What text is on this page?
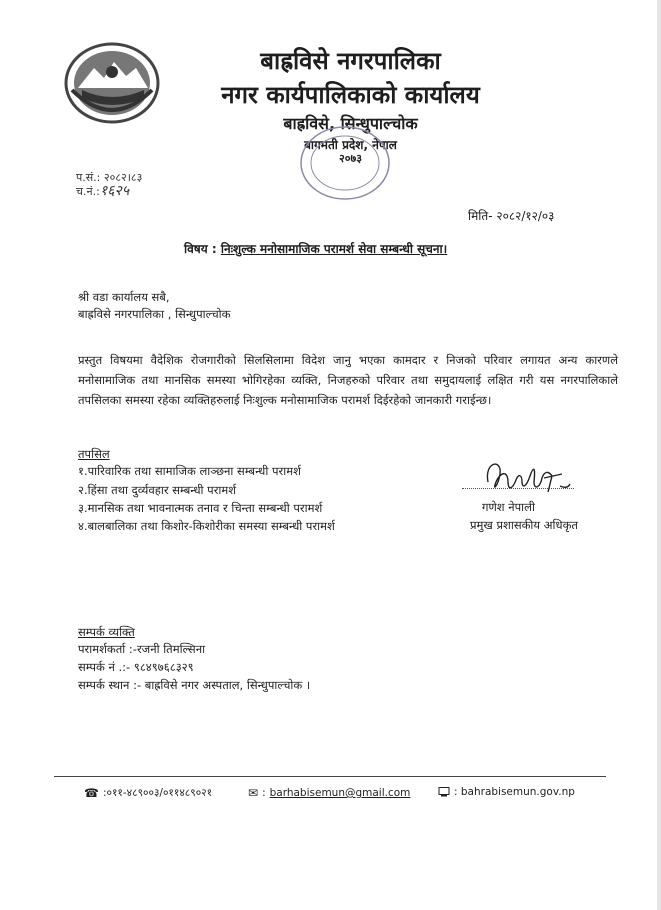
बाह्रविसे नगरपालिका
नगर कार्यपालिकाको कार्यालय
बाह्रविसे, सिन्धुपाल्चोक
बागमती प्रदेश, नेपाल
२०७३
प.सं.: २०८२।८३
च.नं.: १६२५
मिति- २०८२/१२/०३
विषय : निःशुल्क मनोसामाजिक परामर्श सेवा सम्बन्धी सूचना।
श्री वडा कार्यालय सबै,
बाह्रविसे नगरपालिका , सिन्धुपाल्चोक
प्रस्तुत विषयमा वैदेशिक रोजगारीको सिलसिलामा विदेश जानु भएका कामदार र निजको परिवार लगायत अन्य कारणले मनोसामाजिक तथा मानसिक समस्या भोगिरहेका व्यक्ति, निजहरुको परिवार तथा समुदायलाई लक्षित गरी यस नगरपालिकाले तपसिलका समस्या रहेका व्यक्तिहरुलाई निःशुल्क मनोसामाजिक परामर्श दिईरहेको जानकारी गराईन्छ।
तपसिल
१.पारिवारिक तथा सामाजिक लाञ्छना सम्बन्धी परामर्श
२.हिंसा तथा दुर्व्यवहार सम्बन्धी परामर्श
३.मानसिक तथा भावनात्मक तनाव र चिन्ता सम्बन्धी परामर्श
४.बालबालिका तथा किशोर-किशोरीका समस्या सम्बन्धी परामर्श
गणेश नेपाली
प्रमुख प्रशासकीय अधिकृत
सम्पर्क व्यक्ति
परामर्शकर्ता :-रजनी तिमल्सिना
सम्पर्क नं .:- ९८४९७६८३२९
सम्पर्क स्थान :- बाह्रविसे नगर अस्पताल, सिन्धुपाल्चोक ।
☎ :०११-४८९००३/०११४८९०२१	✉ : barhabisemun@gmail.com	: bahrabisemun.gov.np
